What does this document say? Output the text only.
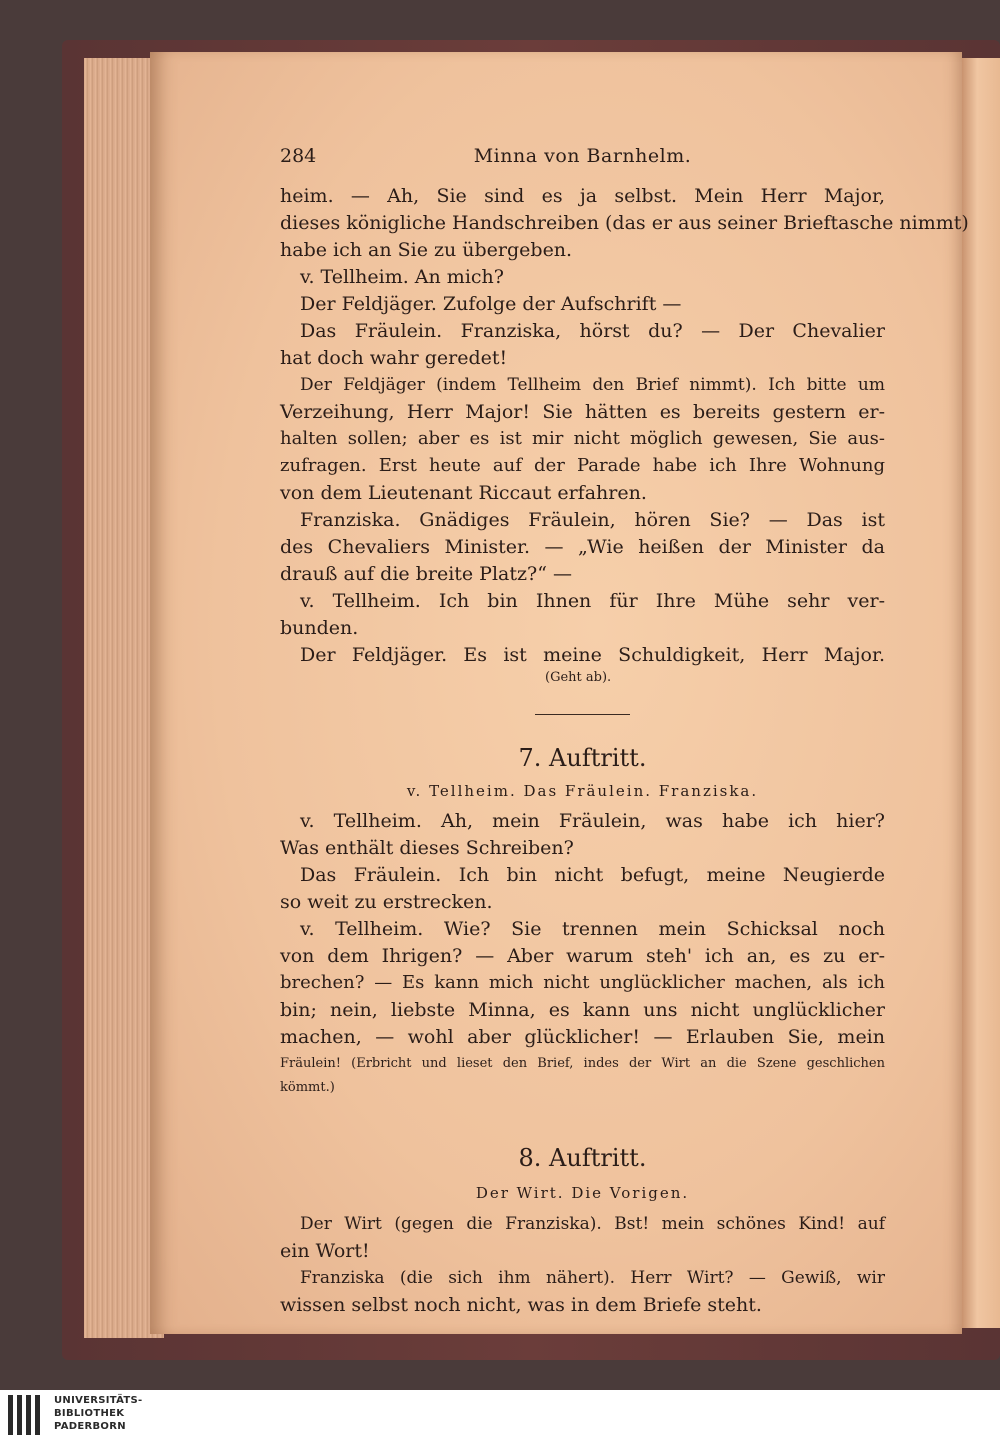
284	Minna von Barnhelm.
heim. — Ah, Sie sind es ja selbst. Mein Herr Major,
dieses königliche Handschreiben (das er aus seiner Brieftasche nimmt)
habe ich an Sie zu übergeben.
v. Tellheim. An mich?
Der Feldjäger. Zufolge der Aufschrift —
Das Fräulein. Franziska, hörst du? — Der Chevalier
hat doch wahr geredet!
Der Feldjäger (indem Tellheim den Brief nimmt). Ich bitte um
Verzeihung, Herr Major! Sie hätten es bereits gestern er-
halten sollen; aber es ist mir nicht möglich gewesen, Sie aus-
zufragen. Erst heute auf der Parade habe ich Ihre Wohnung
von dem Lieutenant Riccaut erfahren.
Franziska. Gnädiges Fräulein, hören Sie? — Das ist
des Chevaliers Minister. — „Wie heißen der Minister da
drauß auf die breite Platz?“ —
v. Tellheim. Ich bin Ihnen für Ihre Mühe sehr ver-
bunden.
Der Feldjäger. Es ist meine Schuldigkeit, Herr Major.
(Geht ab).
7. Auftritt.
v. Tellheim. Das Fräulein. Franziska.
v. Tellheim. Ah, mein Fräulein, was habe ich hier?
Was enthält dieses Schreiben?
Das Fräulein. Ich bin nicht befugt, meine Neugierde
so weit zu erstrecken.
v. Tellheim. Wie? Sie trennen mein Schicksal noch
von dem Ihrigen? — Aber warum steh' ich an, es zu er-
brechen? — Es kann mich nicht unglücklicher machen, als ich
bin; nein, liebste Minna, es kann uns nicht unglücklicher
machen, — wohl aber glücklicher! — Erlauben Sie, mein
Fräulein! (Erbricht und lieset den Brief, indes der Wirt an die Szene geschlichen
kömmt.)
8. Auftritt.
Der Wirt. Die Vorigen.
Der Wirt (gegen die Franziska). Bst! mein schönes Kind! auf
ein Wort!
Franziska (die sich ihm nähert). Herr Wirt? — Gewiß, wir
wissen selbst noch nicht, was in dem Briefe steht.
UNIVERSITÄTS-
BIBLIOTHEK
PADERBORN
